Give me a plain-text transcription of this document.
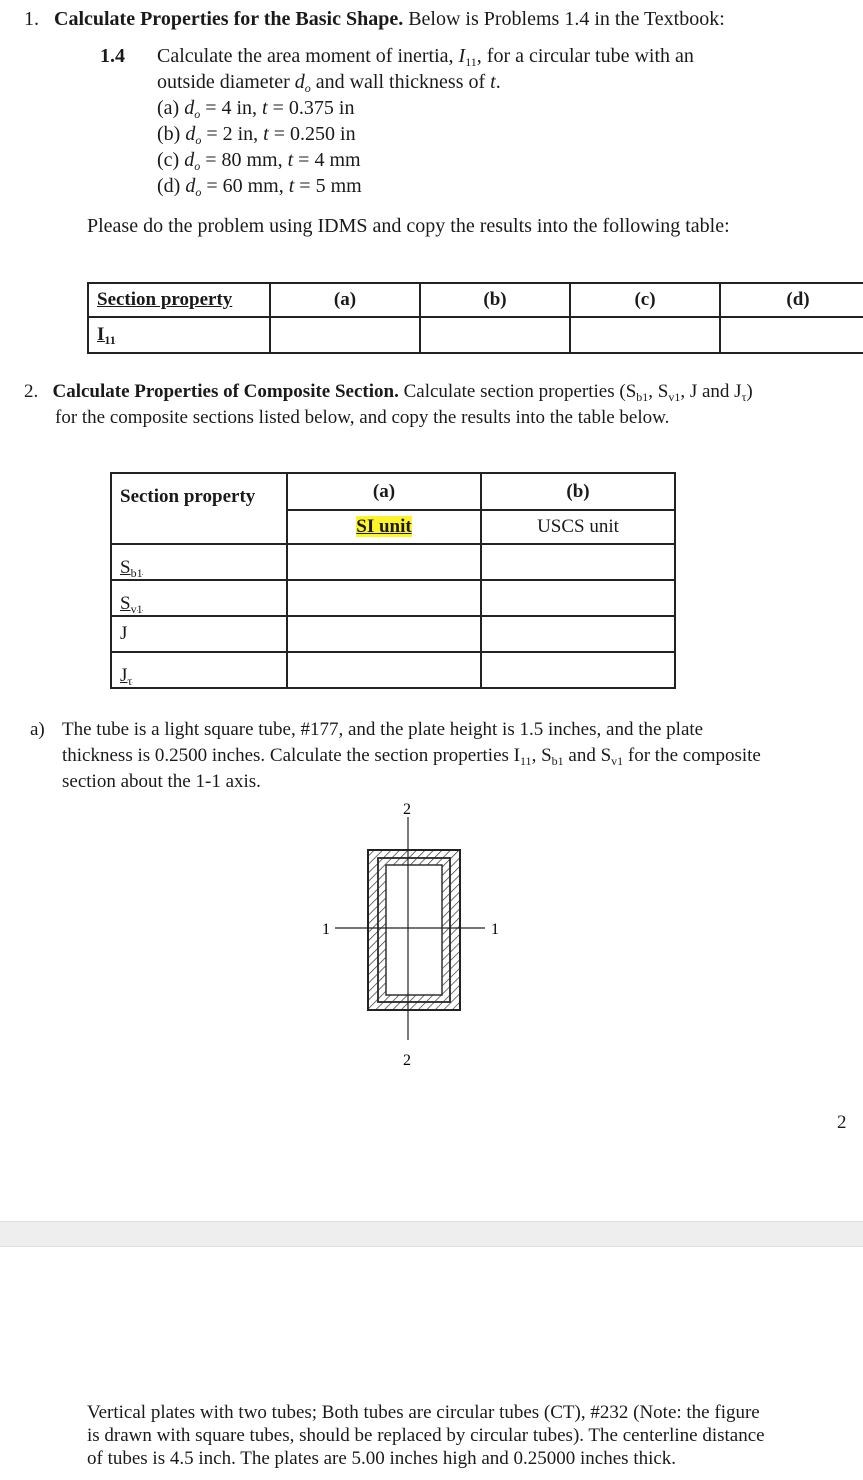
1. Calculate Properties for the Basic Shape. Below is Problems 1.4 in the Textbook:
1.4 Calculate the area moment of inertia, $I_{11}$, for a circular tube with an
outside diameter $d_o$ and wall thickness of t.
(a) $d_o = 4$ in, t = 0.375 in
(b) $d_o = 2$ in, t = 0.250 in
(c) $d_o = 80$ mm, t = 4 mm
(d) $d_o = 60$ mm, t = 5 mm
Please do the problem using IDMS and copy the results into the following table:
Section property	(a)	(b)	(c)	(d)
$I_{11}$				
2. Calculate Properties of Composite Section. Calculate section properties ($S_{b1}$, $S_{v1}$, J and $J_\tau$)
for the composite sections listed below, and copy the results into the table below.
Section property	(a)	(b)
	SI unit	USCS unit
$S_{b1}$		
$S_{v1}$		
J		
$J_\tau$		
a) The tube is a light square tube, #177, and the plate height is 1.5 inches, and the plate
thickness is 0.2500 inches. Calculate the section properties $I_{11}$, $S_{b1}$ and $S_{v1}$ for the composite
section about the 1-1 axis.
2
2
1	1
2
Vertical plates with two tubes; Both tubes are circular tubes (CT), #232 (Note: the figure
is drawn with square tubes, should be replaced by circular tubes). The centerline distance
of tubes is 4.5 inch. The plates are 5.00 inches high and 0.25000 inches thick.
